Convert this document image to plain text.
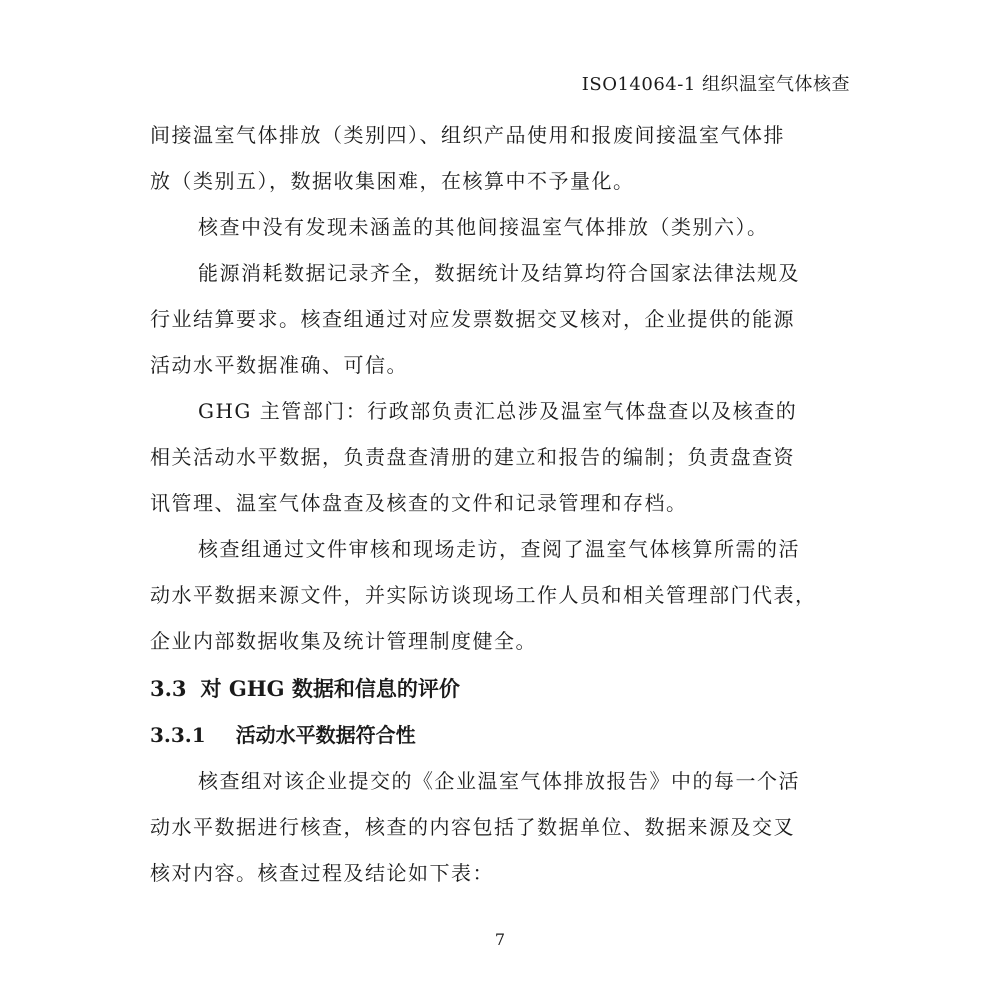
ISO14064-1 组织温室气体核查

间接温室气体排放（类别四）、组织产品使用和报废间接温室气体排
放（类别五），数据收集困难，在核算中不予量化。

核查中没有发现未涵盖的其他间接温室气体排放（类别六）。

能源消耗数据记录齐全，数据统计及结算均符合国家法律法规及
行业结算要求。核查组通过对应发票数据交叉核对，企业提供的能源
活动水平数据准确、可信。

GHG 主管部门：行政部负责汇总涉及温室气体盘查以及核查的
相关活动水平数据，负责盘查清册的建立和报告的编制；负责盘查资
讯管理、温室气体盘查及核查的文件和记录管理和存档。

核查组通过文件审核和现场走访，查阅了温室气体核算所需的活
动水平数据来源文件，并实际访谈现场工作人员和相关管理部门代表，
企业内部数据收集及统计管理制度健全。

3.3 对 GHG 数据和信息的评价
3.3.1 活动水平数据符合性

核查组对该企业提交的《企业温室气体排放报告》中的每一个活
动水平数据进行核查，核查的内容包括了数据单位、数据来源及交叉
核对内容。核查过程及结论如下表：

7
